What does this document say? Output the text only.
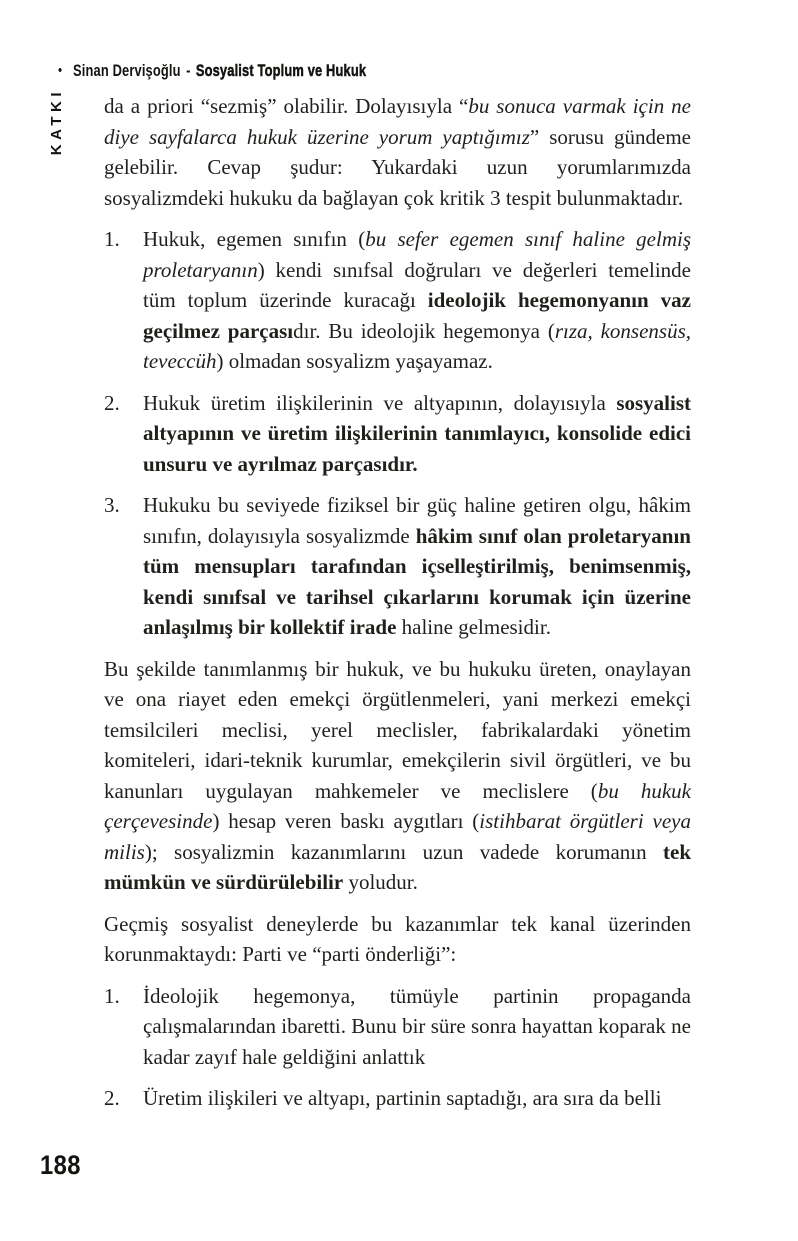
• Sinan Dervişoğlu - Sosyalist Toplum ve Hukuk
KATKI da a priori “sezmiş” olabilir. Dolayısıyla “bu sonuca varmak için ne diye sayfalarca hukuk üzerine yorum yaptığımız” sorusu gündeme gelebilir. Cevap şudur: Yukardaki uzun yorumlarımızda sosyalizmdeki hukuku da bağlayan çok kritik 3 tespit bulunmaktadır.

1.	Hukuk, egemen sınıfın (bu sefer egemen sınıf haline gelmiş proletaryanın) kendi sınıfsal doğruları ve değerleri temelinde tüm toplum üzerinde kuracağı ideolojik hegemonyanın vaz geçilmez parçasıdır. Bu ideolojik hegemonya (rıza, konsensüs, teveccüh) olmadan sosyalizm yaşayamaz.
2.	Hukuk üretim ilişkilerinin ve altyapının, dolayısıyla sosyalist altyapının ve üretim ilişkilerinin tanımlayıcı, konsolide edici unsuru ve ayrılmaz parçasıdır.
3.	Hukuku bu seviyede fiziksel bir güç haline getiren olgu, hâkim sınıfın, dolayısıyla sosyalizmde hâkim sınıf olan proletaryanın tüm mensupları tarafından içselleştirilmiş, benimsenmiş, kendi sınıfsal ve tarihsel çıkarlarını korumak için üzerine anlaşılmış bir kollektif irade haline gelmesidir.

Bu şekilde tanımlanmış bir hukuk, ve bu hukuku üreten, onaylayan ve ona riayet eden emekçi örgütlenmeleri, yani merkezi emekçi temsilcileri meclisi, yerel meclisler, fabrikalardaki yönetim komiteleri, idari-teknik kurumlar, emekçilerin sivil örgütleri, ve bu kanunları uygulayan mahkemeler ve meclislere (bu hukuk çerçevesinde) hesap veren baskı aygıtları (istihbarat örgütleri veya milis); sosyalizmin kazanımlarını uzun vadede korumanın tek mümkün ve sürdürülebilir yoludur.

Geçmiş sosyalist deneylerde bu kazanımlar tek kanal üzerinden korunmaktaydı: Parti ve “parti önderliği”:

1.	İdeolojik hegemonya, tümüyle partinin propaganda çalışmalarından ibaretti. Bunu bir süre sonra hayattan koparak ne kadar zayıf hale geldiğini anlattık
2.	Üretim ilişkileri ve altyapı, partinin saptadığı, ara sıra da belli
188
